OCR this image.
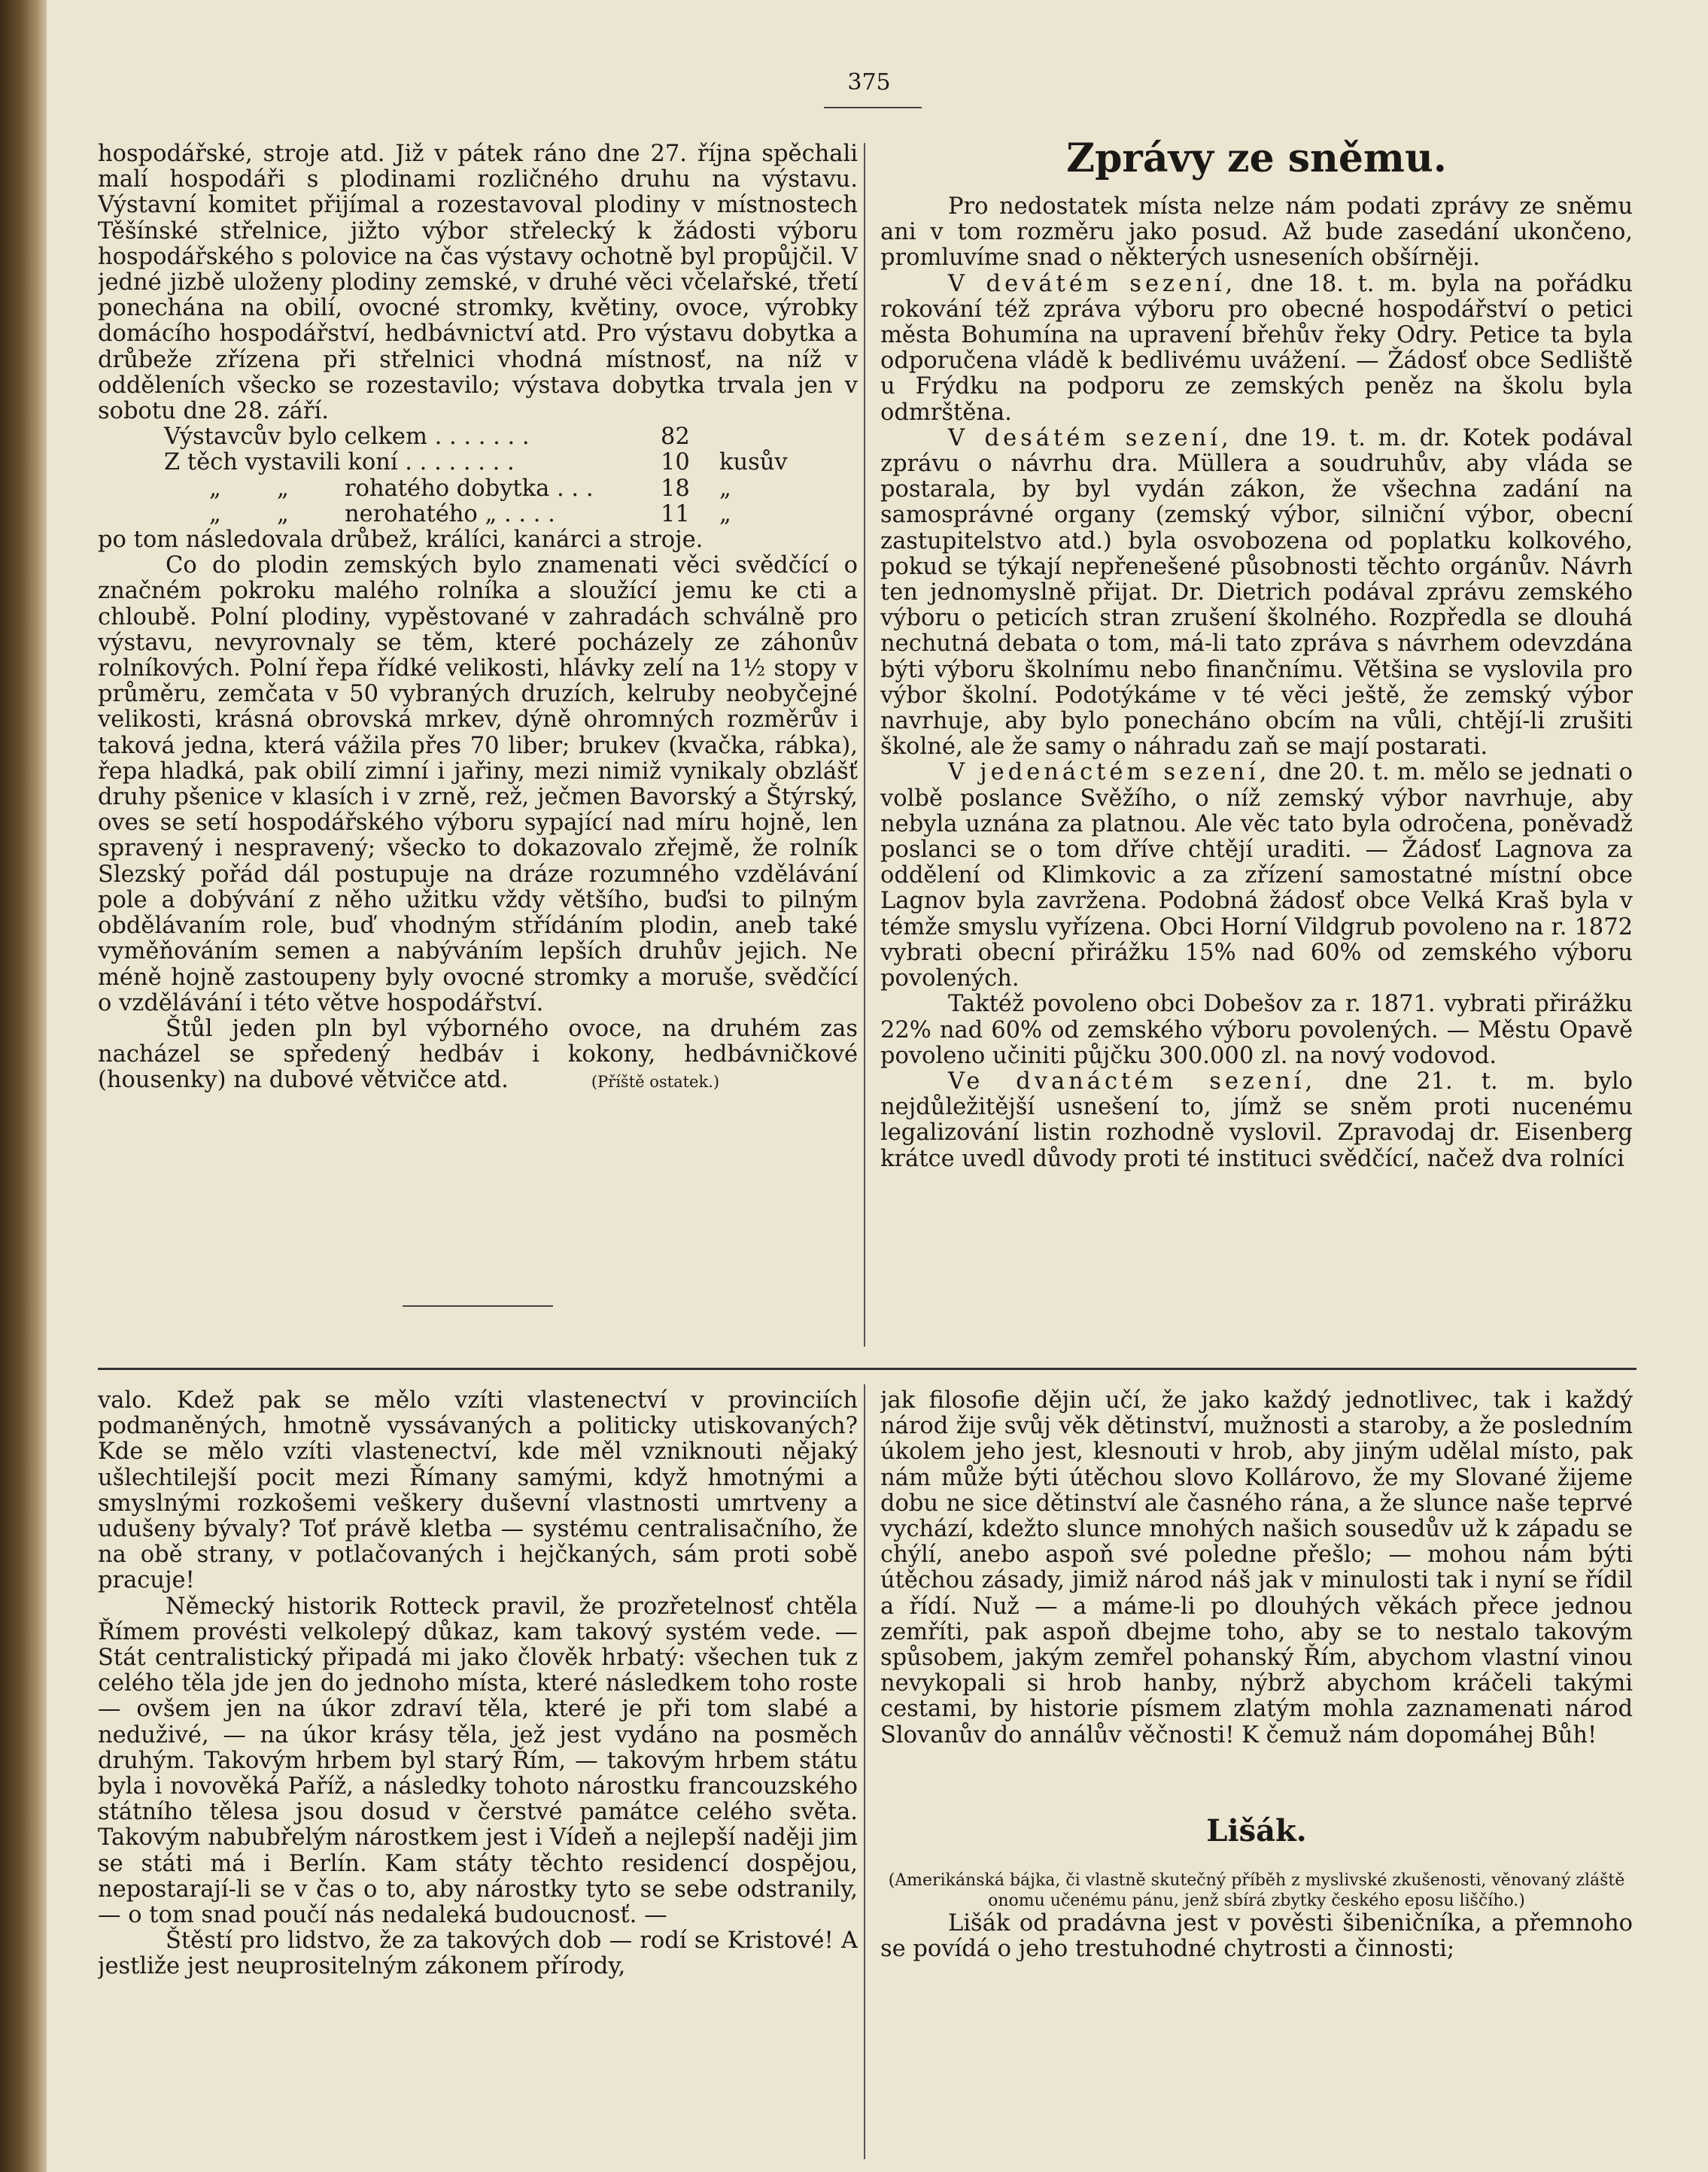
375

hospodářské, stroje atd. Již v pátek ráno dne 27. října spěchali malí hospodáři s plodinami rozličného druhu na výstavu. Výstavní komitet přijímal a rozestavoval plodiny v místnostech Těšínské střelnice, jižto výbor střelecký k žádosti výboru hospodářského s polovice na čas výstavy ochotně byl propůjčil. V jedné jizbě uloženy plodiny zemské, v druhé věci včelařské, třetí ponechána na obilí, ovocné stromky, květiny, ovoce, výrobky domácího hospodářství, hedbávnictví atd. Pro výstavu dobytka a drůbeže zřízena při střelnici vhodná místnosť, na níž v odděleních všecko se rozestavilo; výstava dobytka trvala jen v sobotu dne 28. září.

Výstavcův bylo celkem . . . . . . .	82	
Z těch vystavili koní . . . . . . . .	10	kusův
„ „ rohatého dobytka . . .	18	„
„ „ nerohatého „ . . . .	11	„

po tom následovala drůbež, králíci, kanárci a stroje.

Co do plodin zemských bylo znamenati věci svědčící o značném pokroku malého rolníka a sloužící jemu ke cti a chloubě. Polní plodiny, vypěstované v zahradách schválně pro výstavu, nevyrovnaly se těm, které pocházely ze záhonův rolníkových. Polní řepa řídké velikosti, hlávky zelí na 1½ stopy v průměru, zemčata v 50 vybraných druzích, kelruby neobyčejné velikosti, krásná obrovská mrkev, dýně ohromných rozměrův i taková jedna, která vážila přes 70 liber; brukev (kvačka, rábka), řepa hladká, pak obilí zimní i jařiny, mezi nimiž vynikaly obzlášť druhy pšenice v klasích i v zrně, rež, ječmen Bavorský a Štýrský, oves se setí hospodářského výboru sypající nad míru hojně, len spravený i nespravený; všecko to dokazovalo zřejmě, že rolník Slezský pořád dál postupuje na dráze rozumného vzdělávání pole a dobývání z něho užitku vždy většího, buďsi to pilným obdělávaním role, buď vhodným střídáním plodin, aneb také vyměňováním semen a nabýváním lepších druhův jejich. Ne méně hojně zastoupeny byly ovocné stromky a moruše, svědčící o vzdělávání i této větve hospodářství.

Štůl jeden pln byl výborného ovoce, na druhém zas nacházel se spředený hedbáv i kokony, hedbávničkové (housenky) na dubové větvičce atd.	(Příště ostatek.)

Zprávy ze sněmu.

Pro nedostatek místa nelze nám podati zprávy ze sněmu ani v tom rozměru jako posud. Až bude zasedání ukončeno, promluvíme snad o některých usneseních obšírněji.

V devátém sezení, dne 18. t. m. byla na pořádku rokování též zpráva výboru pro obecné hospodářství o petici města Bohumína na upravení břehův řeky Odry. Petice ta byla odporučena vládě k bedlivému uvážení. — Žádosť obce Sedliště u Frýdku na podporu ze zemských peněz na školu byla odmrštěna.

V desátém sezení, dne 19. t. m. dr. Kotek podával zprávu o návrhu dra. Müllera a soudruhův, aby vláda se postarala, by byl vydán zákon, že všechna zadání na samosprávné organy (zemský výbor, silniční výbor, obecní zastupitelstvo atd.) byla osvobozena od poplatku kolkového, pokud se týkají nepřenešené působnosti těchto orgánův. Návrh ten jednomyslně přijat. Dr. Dietrich podával zprávu zemského výboru o peticích stran zrušení školného. Rozpředla se dlouhá nechutná debata o tom, má-li tato zpráva s návrhem odevzdána býti výboru školnímu nebo finančnímu. Většina se vyslovila pro výbor školní. Podotýkáme v té věci ještě, že zemský výbor navrhuje, aby bylo ponecháno obcím na vůli, chtějí-li zrušiti školné, ale že samy o náhradu zaň se mají postarati.

V jedenáctém sezení, dne 20. t. m. mělo se jednati o volbě poslance Svěžího, o níž zemský výbor navrhuje, aby nebyla uznána za platnou. Ale věc tato byla odročena, poněvadž poslanci se o tom dříve chtějí uraditi. — Žádosť Lagnova za oddělení od Klimkovic a za zřízení samostatné místní obce Lagnov byla zavržena. Podobná žádosť obce Velká Kraš byla v témže smyslu vyřízena. Obci Horní Vildgrub povoleno na r. 1872 vybrati obecní přirážku 15% nad 60% od zemského výboru povolených.

Taktéž povoleno obci Dobešov za r. 1871. vybrati přirážku 22% nad 60% od zemského výboru povolených. — Městu Opavě povoleno učiniti půjčku 300.000 zl. na nový vodovod.

Ve dvanáctém sezení, dne 21. t. m. bylo nejdůležitější usnešení to, jímž se sněm proti nucenému legalizování listin rozhodně vyslovil. Zpravodaj dr. Eisenberg krátce uvedl důvody proti té instituci svědčící, načež dva rolníci

valo. Kdež pak se mělo vzíti vlastenectví v provinciích podmaněných, hmotně vyssávaných a politicky utiskovaných? Kde se mělo vzíti vlastenectví, kde měl vzniknouti nějaký ušlechtilejší pocit mezi Římany samými, když hmotnými a smyslnými rozkošemi veškery duševní vlastnosti umrtveny a udušeny bývaly? Toť právě kletba — systému centralisačního, že na obě strany, v potlačovaných i hejčkaných, sám proti sobě pracuje!

Německý historik Rotteck pravil, že prozřetelnosť chtěla Římem provésti velkolepý důkaz, kam takový systém vede. — Stát centralistický připadá mi jako člověk hrbatý: všechen tuk z celého těla jde jen do jednoho místa, které následkem toho roste — ovšem jen na úkor zdraví těla, které je při tom slabé a neduživé, — na úkor krásy těla, jež jest vydáno na posměch druhým. Takovým hrbem byl starý Řím, — takovým hrbem státu byla i novověká Paříž, a následky tohoto nárostku francouzského státního tělesa jsou dosud v čerstvé památce celého světa. Takovým nabubřelým nárostkem jest i Vídeň a nejlepší naději jim se státi má i Berlín. Kam státy těchto residencí dospějou, nepostarají-li se v čas o to, aby nárostky tyto se sebe odstranily, — o tom snad poučí nás nedaleká budoucnosť. —

Štěstí pro lidstvo, že za takových dob — rodí se Kristové! A jestliže jest neuprositelným zákonem přírody,

jak filosofie dějin učí, že jako každý jednotlivec, tak i každý národ žije svůj věk dětinství, mužnosti a staroby, a že posledním úkolem jeho jest, klesnouti v hrob, aby jiným udělal místo, pak nám může býti útěchou slovo Kollárovo, že my Slované žijeme dobu ne sice dětinství ale časného rána, a že slunce naše teprvé vychází, kdežto slunce mnohých našich sousedův už k západu se chýlí, anebo aspoň své poledne přešlo; — mohou nám býti útěchou zásady, jimiž národ náš jak v minulosti tak i nyní se řídil a řídí. Nuž — a máme-li po dlouhých věkách přece jednou zemříti, pak aspoň dbejme toho, aby se to nestalo takovým spůsobem, jakým zemřel pohanský Řím, abychom vlastní vinou nevykopali si hrob hanby, nýbrž abychom kráčeli takými cestami, by historie písmem zlatým mohla zaznamenati národ Slovanův do annálův věčnosti! K čemuž nám dopomáhej Bůh!

Lišák.

(Amerikánská bájka, či vlastně skutečný příběh z myslivské zkušenosti, věnovaný zláště onomu učenému pánu, jenž sbírá zbytky českého eposu liščího.)

Lišák od pradávna jest v pověsti šibeničníka, a přemnoho se povídá o jeho trestuhodné chytrosti a činnosti;
